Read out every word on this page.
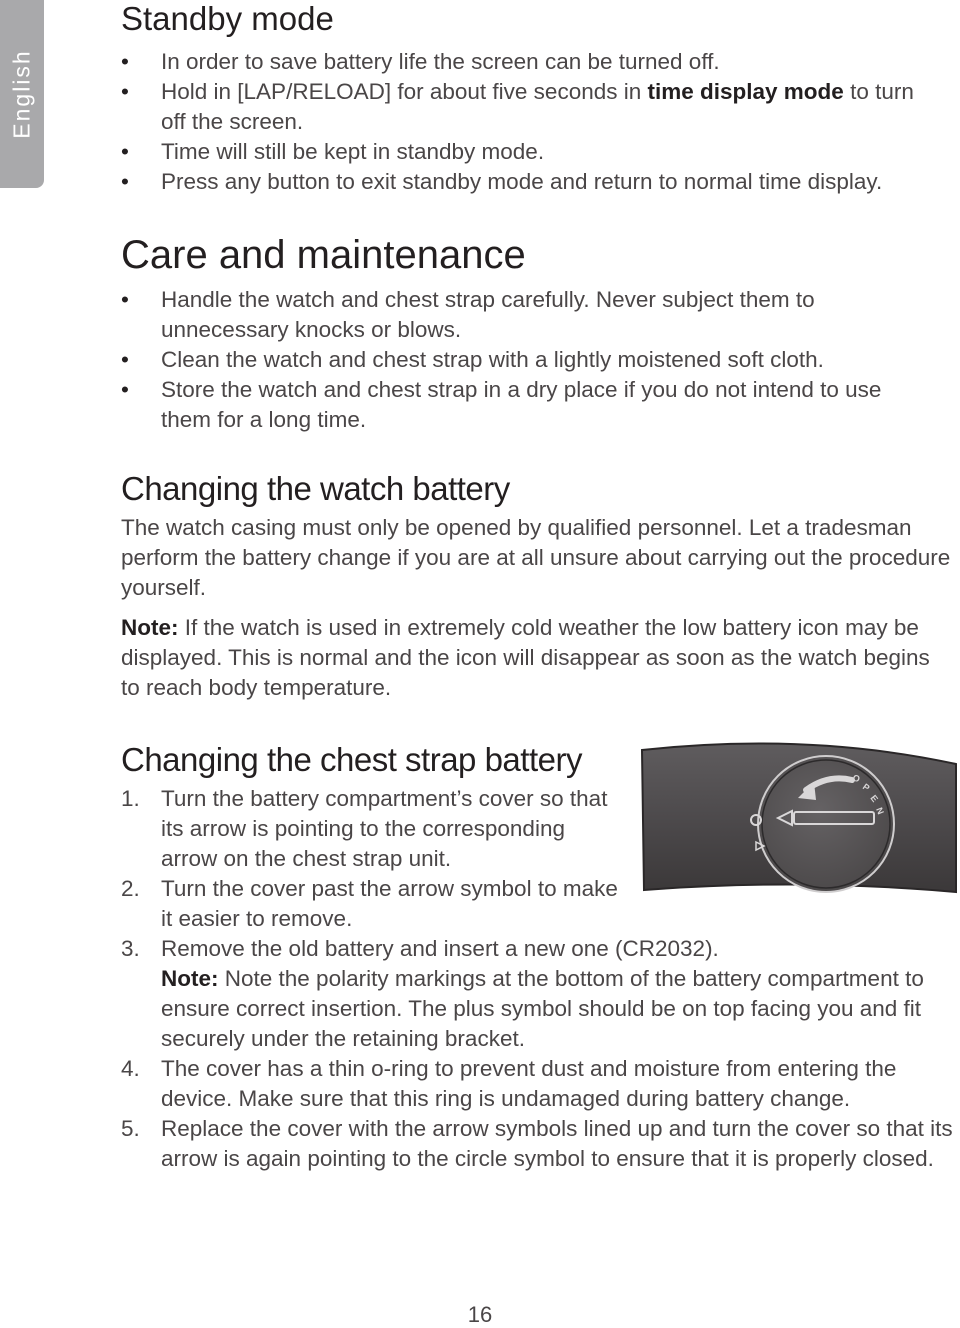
English
Standby mode
• In order to save battery life the screen can be turned off.
• Hold in [LAP/RELOAD] for about five seconds in time display mode to turn off the screen.
• Time will still be kept in standby mode.
• Press any button to exit standby mode and return to normal time display.
Care and maintenance
• Handle the watch and chest strap carefully. Never subject them to unnecessary knocks or blows.
• Clean the watch and chest strap with a lightly moistened soft cloth.
• Store the watch and chest strap in a dry place if you do not intend to use them for a long time.
Changing the watch battery

The watch casing must only be opened by qualified personnel. Let a tradesman perform the battery change if you are at all unsure about carrying out the procedure yourself.

Note: If the watch is used in extremely cold weather the low battery icon may be displayed. This is normal and the icon will disappear as soon as the watch begins to reach body temperature.

Changing the chest strap battery
1. Turn the battery compartment’s cover so that its arrow is pointing to the corresponding arrow on the chest strap unit.
2. Turn the cover past the arrow symbol to make it easier to remove.
3. Remove the old battery and insert a new one (CR2032).
Note: Note the polarity markings at the bottom of the battery compartment to ensure correct insertion. The plus symbol should be on top facing you and fit securely under the retaining bracket.
4. The cover has a thin o-ring to prevent dust and moisture from entering the device. Make sure that this ring is undamaged during battery change.
5. Replace the cover with the arrow symbols lined up and turn the cover so that its arrow is again pointing to the circle symbol to ensure that it is properly closed.
O
P
E
N
16
